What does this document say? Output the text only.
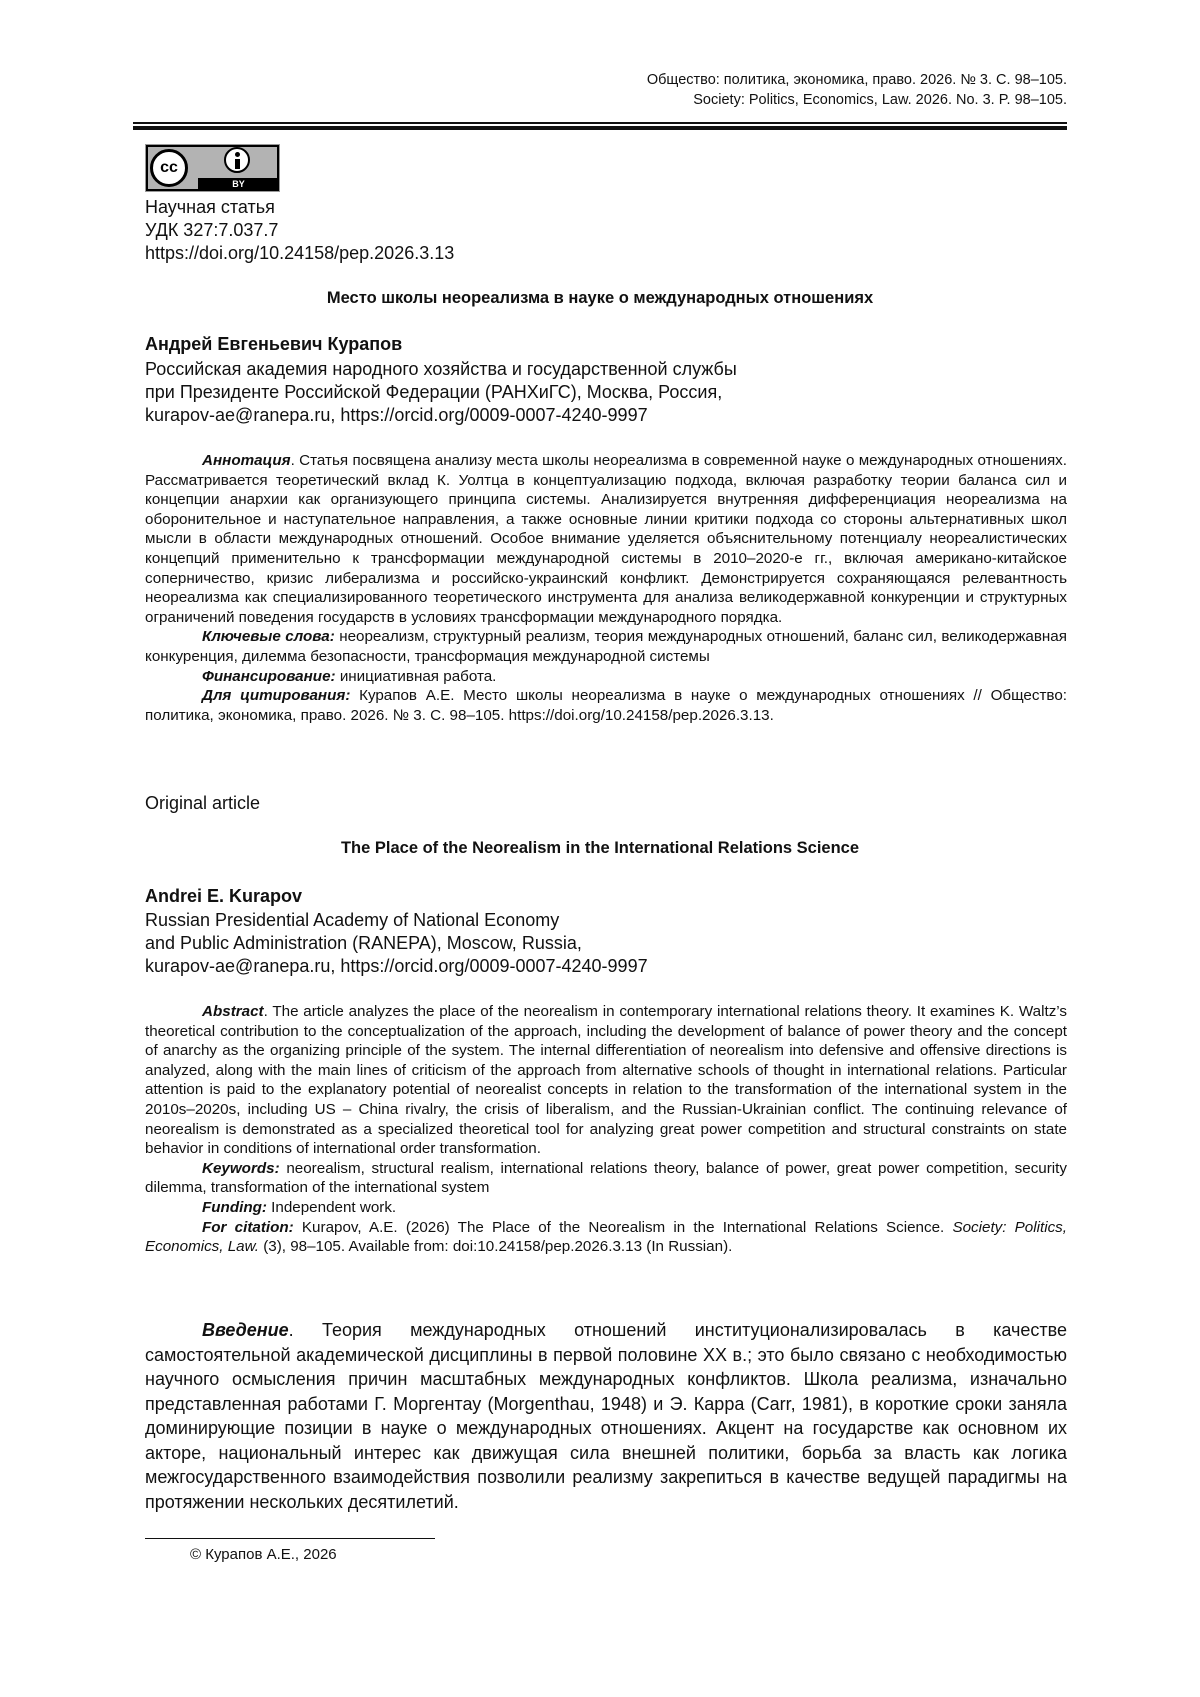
Общество: политика, экономика, право. 2026. № 3. С. 98–105.
Society: Politics, Economics, Law. 2026. No. 3. P. 98–105.
cc
BY
Научная статья
УДК 327:7.037.7
https://doi.org/10.24158/pep.2026.3.13
Место школы неореализма в науке о международных отношениях
Андрей Евгеньевич Курапов
Российская академия народного хозяйства и государственной службы
при Президенте Российской Федерации (РАНХиГС), Москва, Россия,
kurapov-ae@ranepa.ru, https://orcid.org/0009-0007-4240-9997

Аннотация. Статья посвящена анализу места школы неореализма в современной науке о международных отношениях. Рассматривается теоретический вклад К. Уолтца в концептуализацию подхода, включая разработку теории баланса сил и концепции анархии как организующего принципа системы. Анализируется внутренняя дифференциация неореализма на оборонительное и наступательное направления, а также основные линии критики подхода со стороны альтернативных школ мысли в области международных отношений. Особое внимание уделяется объяснительному потенциалу неореалистических концепций применительно к трансформации международной системы в 2010–2020-е гг., включая американо-китайское соперничество, кризис либерализма и российско-украинский конфликт. Демонстрируется сохраняющаяся релевантность неореализма как специализированного теоретического инструмента для анализа великодержавной конкуренции и структурных ограничений поведения государств в условиях трансформации международного порядка.

Ключевые слова: неореализм, структурный реализм, теория международных отношений, баланс сил, великодержавная конкуренция, дилемма безопасности, трансформация международной системы

Финансирование: инициативная работа.

Для цитирования: Курапов А.Е. Место школы неореализма в науке о международных отношениях // Общество: политика, экономика, право. 2026. № 3. С. 98–105. https://doi.org/10.24158/pep.2026.3.13.

Original article
The Place of the Neorealism in the International Relations Science
Andrei E. Kurapov
Russian Presidential Academy of National Economy
and Public Administration (RANEPA), Moscow, Russia,
kurapov-ae@ranepa.ru, https://orcid.org/0009-0007-4240-9997

Abstract. The article analyzes the place of the neorealism in contemporary international relations theory. It examines K. Waltz’s theoretical contribution to the conceptualization of the approach, including the development of balance of power theory and the concept of anarchy as the organizing principle of the system. The internal differentiation of neorealism into defensive and offensive directions is analyzed, along with the main lines of criticism of the approach from alternative schools of thought in international relations. Particular attention is paid to the explanatory potential of neorealist concepts in relation to the transformation of the international system in the 2010s–2020s, including US – China rivalry, the crisis of liberalism, and the Russian-Ukrainian conflict. The continuing relevance of neorealism is demonstrated as a specialized theoretical tool for analyzing great power competition and structural constraints on state behavior in conditions of international order transformation.

Keywords: neorealism, structural realism, international relations theory, balance of power, great power competition, security dilemma, transformation of the international system

Funding: Independent work.

For citation: Kurapov, A.E. (2026) The Place of the Neorealism in the International Relations Science. Society: Politics, Economics, Law. (3), 98–105. Available from: doi:10.24158/pep.2026.3.13 (In Russian).

Введение. Теория международных отношений институционализировалась в качестве самостоятельной академической дисциплины в первой половине XX в.; это было связано с необходимостью научного осмысления причин масштабных международных конфликтов. Школа реализма, изначально представленная работами Г. Моргентау (Morgenthau, 1948) и Э. Карра (Carr, 1981), в короткие сроки заняла доминирующие позиции в науке о международных отношениях. Акцент на государстве как основном их акторе, национальный интерес как движущая сила внешней политики, борьба за власть как логика межгосударственного взаимодействия позволили реализму закрепиться в качестве ведущей парадигмы на протяжении нескольких десятилетий.

© Курапов А.Е., 2026
